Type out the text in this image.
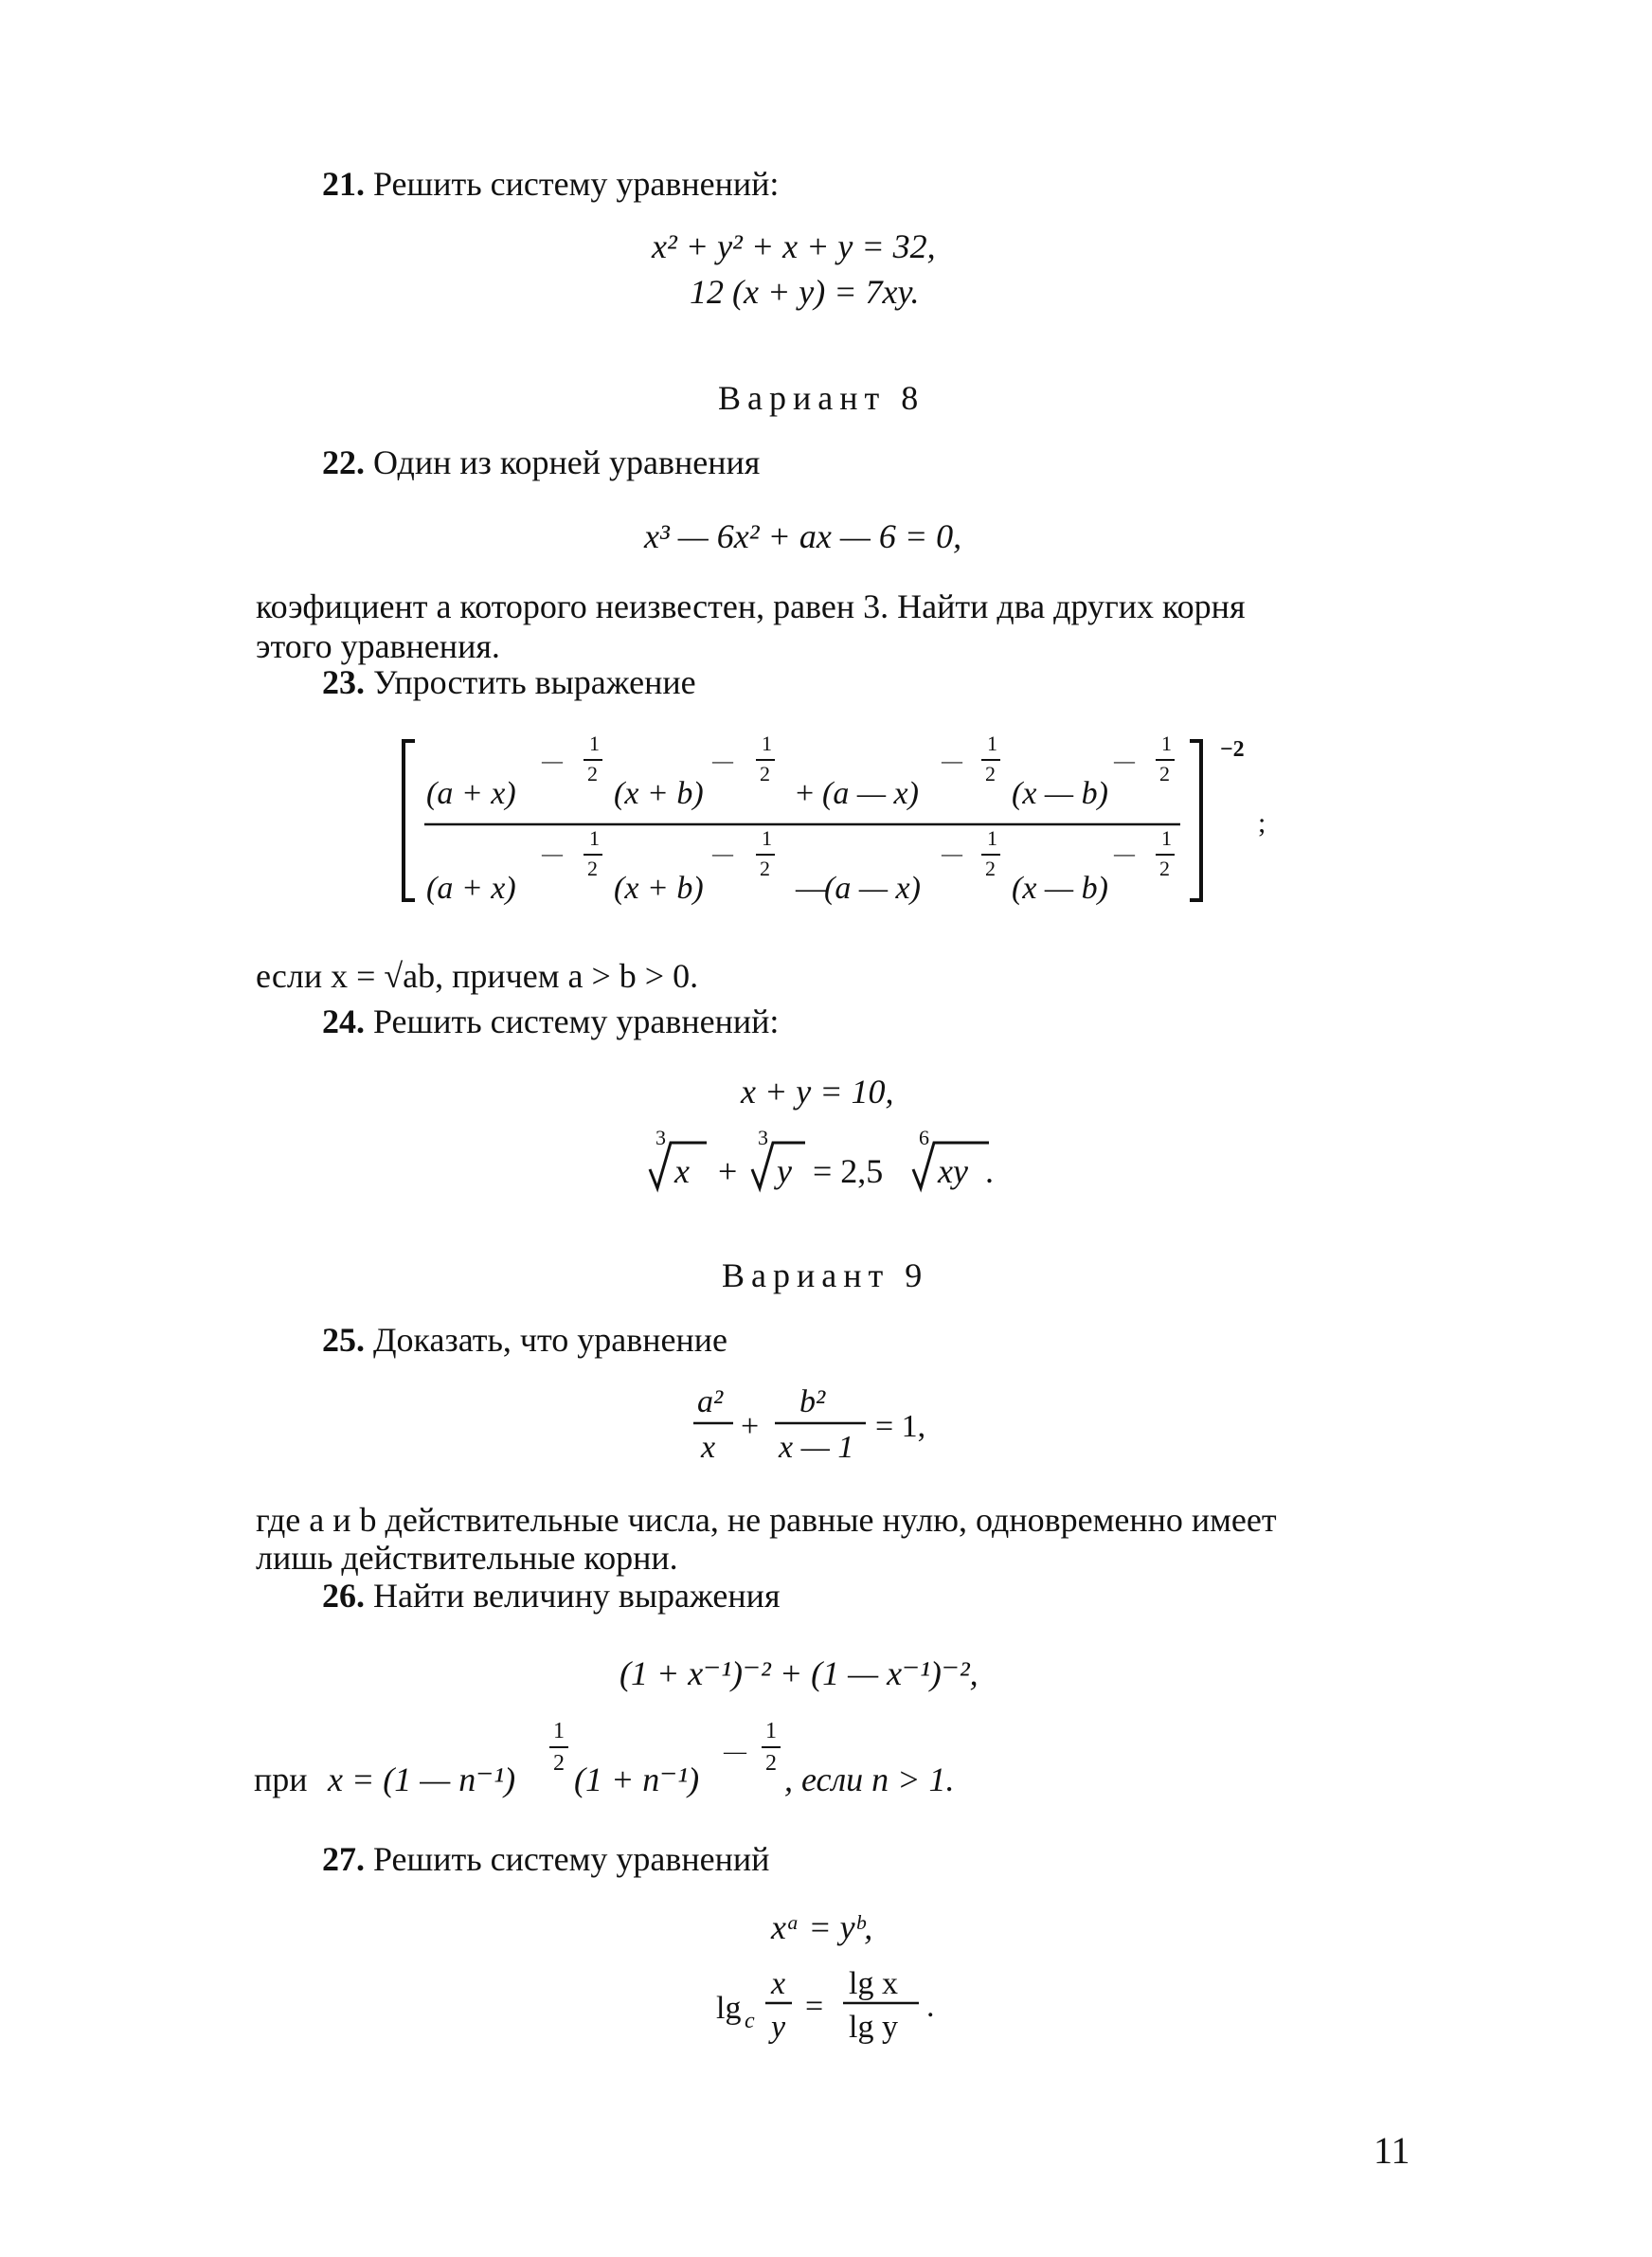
21. Решить систему уравнений:
x² + y² + x + y = 32,
12 (x + y) = 7xy.
Вариант 8
22. Один из корней уравнения
x³ — 6x² + ax — 6 = 0,
коэфициент a которого неизвестен, равен 3. Найти два других корня
этого уравнения.
23. Упростить выражение
−2
;
(a + x)
—
1
2
(x + b)
—
1
2
+ (a — x)
—
1
2
(x — b)
—
1
2
(a + x)
—
1
2
(x + b)
—
1
2
—
(a — x)
—
1
2
(x — b)
—
1
2
если x = √ab, причем a > b > 0.
24. Решить систему уравнений:
x + y = 10,
3
x +
3
y = 2,5
6
xy .
Вариант 9
25. Доказать, что уравнение
a²
x
+
b²
x — 1
= 1,
где a и b действительные числа, не равные нулю, одновременно имеет
лишь действительные корни.
26. Найти величину выражения
(1 + x⁻¹)⁻² + (1 — x⁻¹)⁻²,
при x = (1 — n⁻¹)
1
2 (1 + n⁻¹)
—
1
2 , если n > 1.
27. Решить систему уравнений
xᵃ = yᵇ,
lg c
x
y
=
lg x
lg y
.
11
